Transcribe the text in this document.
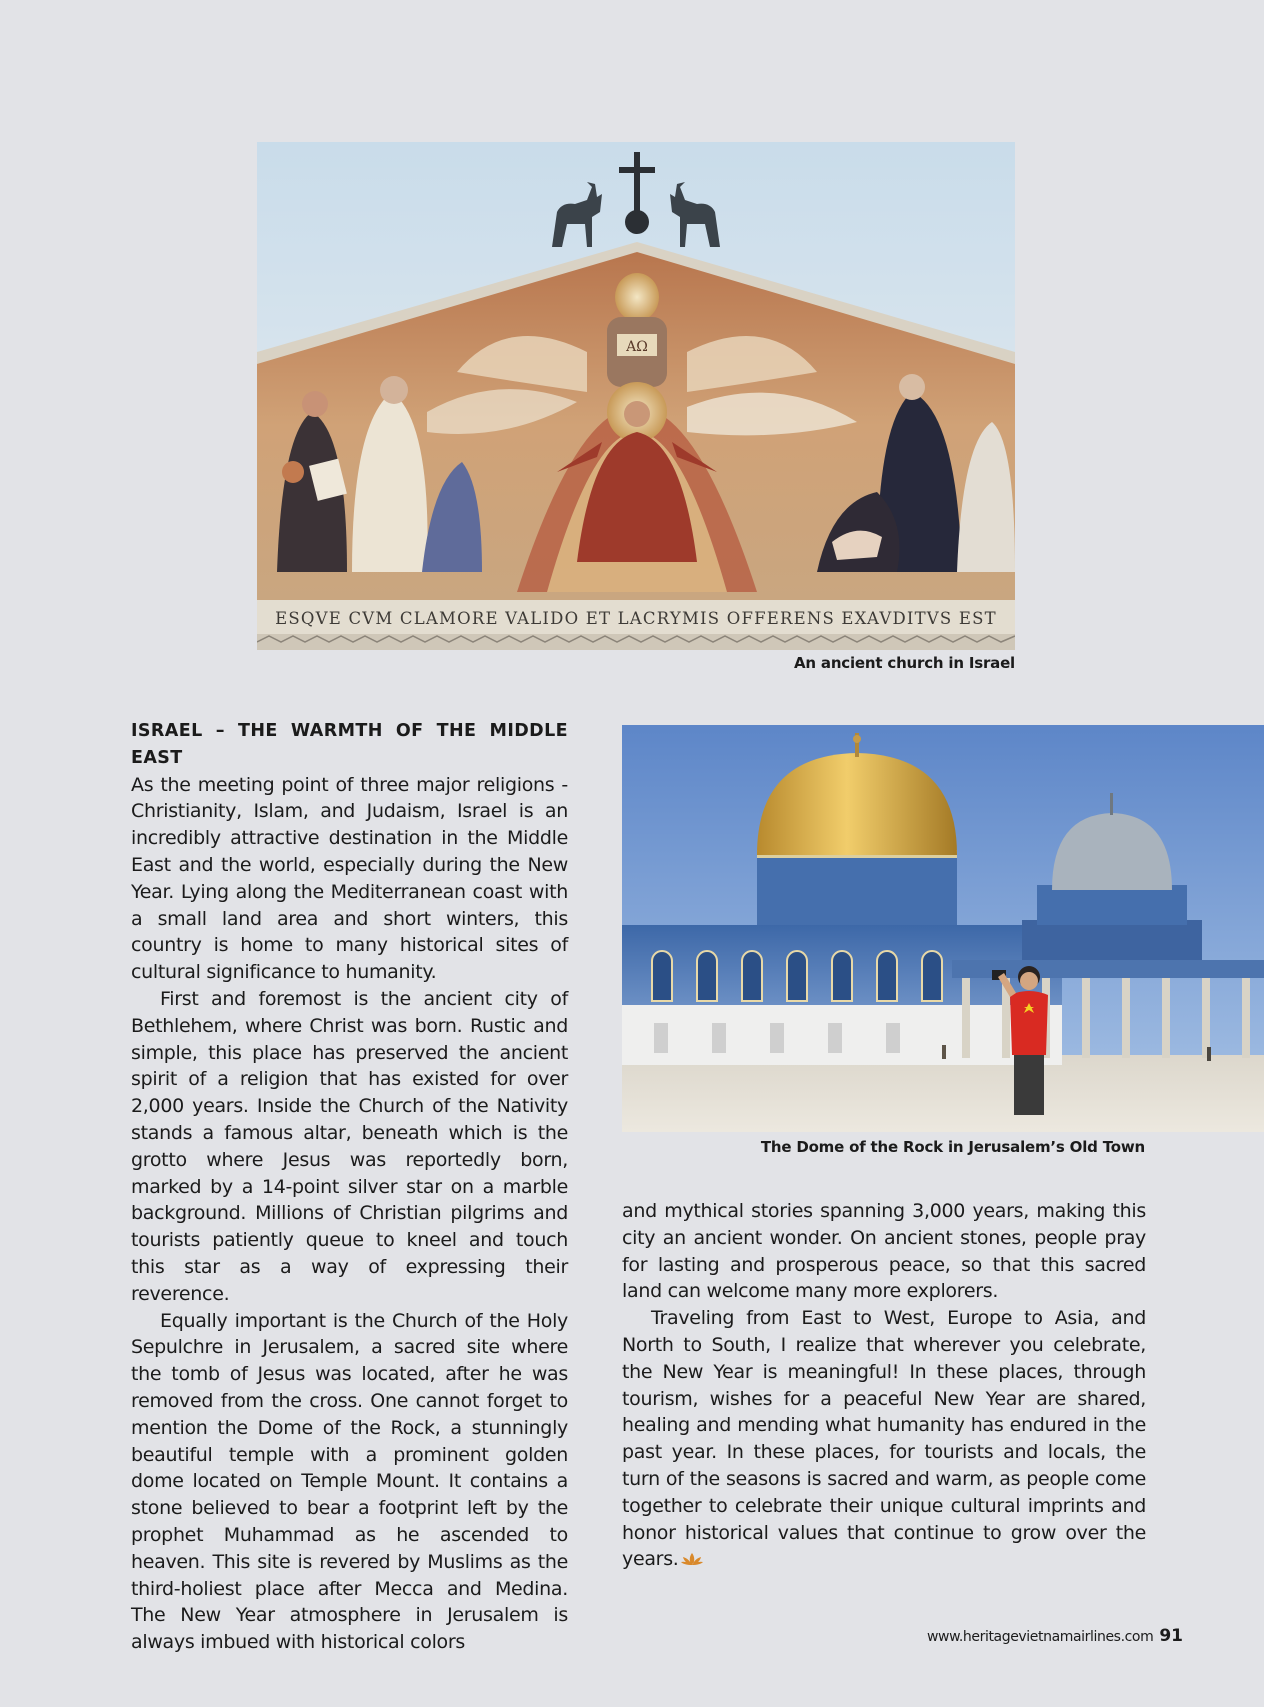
AΩ
ESQVE CVM CLAMORE VALIDO ET LACRYMIS OFFERENS EXAVDITVS EST
An ancient church in Israel
The Dome of the Rock in Jerusalem’s Old Town
ISRAEL – THE WARMTH OF THE MIDDLE EAST

As the meeting point of three major religions - Christianity, Islam, and Judaism, Israel is an incredibly attractive destination in the Middle East and the world, especially during the New Year. Lying along the Mediterranean coast with a small land area and short winters, this country is home to many historical sites of cultural significance to humanity.

First and foremost is the ancient city of Bethlehem, where Christ was born. Rustic and simple, this place has preserved the ancient spirit of a religion that has existed for over 2,000 years. Inside the Church of the Nativity stands a famous altar, beneath which is the grotto where Jesus was reportedly born, marked by a 14-point silver star on a marble background. Millions of Christian pilgrims and tourists patiently queue to kneel and touch this star as a way of expressing their reverence.

Equally important is the Church of the Holy Sepulchre in Jerusalem, a sacred site where the tomb of Jesus was located, after he was removed from the cross. One cannot forget to mention the Dome of the Rock, a stunningly beautiful temple with a prominent golden dome located on Temple Mount. It contains a stone believed to bear a footprint left by the prophet Muhammad as he ascended to heaven. This site is revered by Muslims as the third-holiest place after Mecca and Medina. The New Year atmosphere in Jerusalem is always imbued with historical colors

and mythical stories spanning 3,000 years, making this city an ancient wonder. On ancient stones, people pray for lasting and prosperous peace, so that this sacred land can welcome many more explorers.

Traveling from East to West, Europe to Asia, and North to South, I realize that wherever you celebrate, the New Year is meaningful! In these places, through tourism, wishes for a peaceful New Year are shared, healing and mending what humanity has endured in the past year. In these places, for tourists and locals, the turn of the seasons is sacred and warm, as people come together to celebrate their unique cultural imprints and honor historical values that continue to grow over the years.

www.heritagevietnamairlines.com 91
